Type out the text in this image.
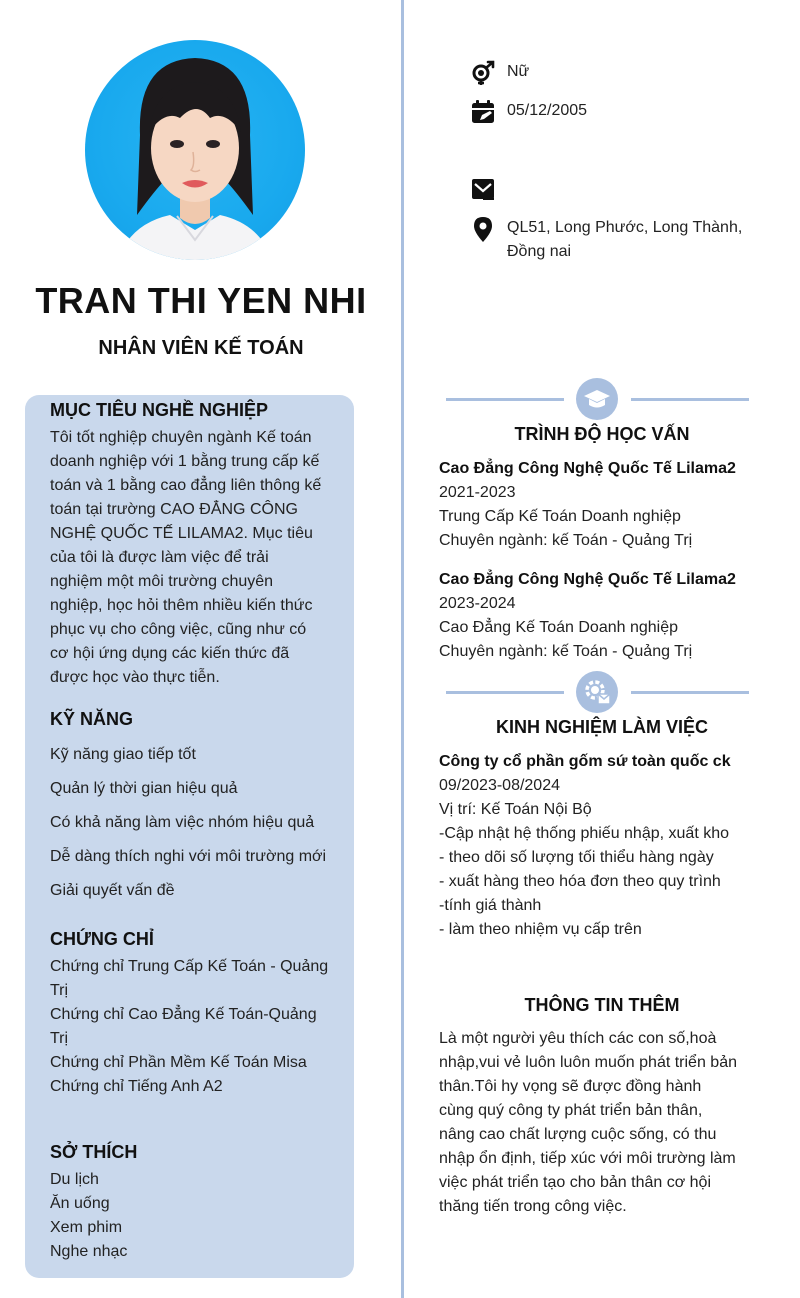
TRAN THI YEN NHI
NHÂN VIÊN KẾ TOÁN
MỤC TIÊU NGHỀ NGHIỆP
Tôi tốt nghiệp chuyên ngành Kế toán
doanh nghiệp với 1 bằng trung cấp kế
toán và 1 bằng cao đẳng liên thông kế
toán tại trường CAO ĐẲNG CÔNG
NGHỆ QUỐC TẾ LILAMA2. Mục tiêu
của tôi là được làm việc để trải
nghiệm một môi trường chuyên
nghiệp, học hỏi thêm nhiều kiến thức
phục vụ cho công việc, cũng như có
cơ hội ứng dụng các kiến thức đã
được học vào thực tiễn.
KỸ NĂNG
Kỹ năng giao tiếp tốt
Quản lý thời gian hiệu quả
Có khả năng làm việc nhóm hiệu quả
Dễ dàng thích nghi với môi trường mới
Giải quyết vấn đề
CHỨNG CHỈ
Chứng chỉ Trung Cấp Kế Toán - Quảng
Trị
Chứng chỉ Cao Đẳng Kế Toán-Quảng
Trị
Chứng chỉ Phần Mềm Kế Toán Misa
Chứng chỉ Tiếng Anh A2
SỞ THÍCH
Du lịch
Ăn uống
Xem phim
Nghe nhạc
Nữ
05/12/2005
QL51, Long Phước, Long Thành,
Đồng nai
TRÌNH ĐỘ HỌC VẤN
Cao Đẳng Công Nghệ Quốc Tế Lilama2
2021-2023
Trung Cấp Kế Toán Doanh nghiệp
Chuyên ngành: kế Toán - Quảng Trị
Cao Đẳng Công Nghệ Quốc Tế Lilama2
2023-2024
Cao Đẳng Kế Toán Doanh nghiệp
Chuyên ngành: kế Toán - Quảng Trị
KINH NGHIỆM LÀM VIỆC
Công ty cổ phần gốm sứ toàn quốc ck
09/2023-08/2024
Vị trí: Kế Toán Nội Bộ
-Cập nhật hệ thống phiếu nhập, xuất kho
- theo dõi số lượng tối thiểu hàng ngày
- xuất hàng theo hóa đơn theo quy trình
-tính giá thành
- làm theo nhiệm vụ cấp trên
THÔNG TIN THÊM
Là một người yêu thích các con số,hoà
nhập,vui vẻ luôn luôn muốn phát triển bản
thân.Tôi hy vọng sẽ được đồng hành
cùng quý công ty phát triển bản thân,
nâng cao chất lượng cuộc sống, có thu
nhập ổn định, tiếp xúc với môi trường làm
việc phát triển tạo cho bản thân cơ hội
thăng tiến trong công việc.
